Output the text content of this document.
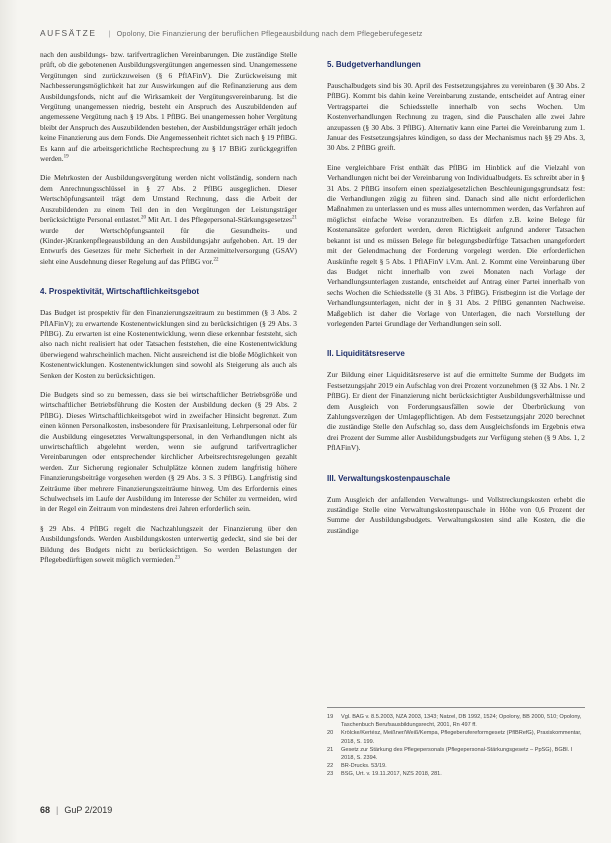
AUFSÄTZE | Opolony, Die Finanzierung der beruflichen Pflegeausbildung nach dem Pflegeberufegesetz

nach den ausbildungs- bzw. tarifvertraglichen Vereinbarungen. Die zuständige Stelle prüft, ob die gebotenenen Ausbildungsvergütungen angemessen sind. Unangemessene Vergütungen sind zurückzuweisen (§ 6 PflAFinV). Die Zurückweisung mit Nachbesserungsmöglichkeit hat zur Auswirkungen auf die Refinanzierung aus dem Ausbildungsfonds, nicht auf die Wirksamkeit der Vergütungsvereinbarung. Ist die Vergütung unangemessen niedrig, besteht ein Anspruch des Auszubildenden auf angemessene Vergütung nach § 19 Abs. 1 PflBG. Bei unangemessen hoher Vergütung bleibt der Anspruch des Auszubildenden bestehen, der Ausbildungsträger erhält jedoch keine Finanzierung aus dem Fonds. Die Angemessenheit richtet sich nach § 19 PflBG. Es kann auf die arbeitsgerichtliche Rechtsprechung zu § 17 BBiG zurückgegriffen werden.$^{19}$

Die Mehrkosten der Ausbildungsvergütung werden nicht vollständig, sondern nach dem Anrechnungsschlüssel in § 27 Abs. 2 PflBG ausgeglichen. Dieser Wertschöpfungsanteil trägt dem Umstand Rechnung, dass die Arbeit der Auszubildenden zu einem Teil den in den Vergütungen der Leistungsträger berücksichtigte Personal entlastet.$^{20}$ Mit Art. 1 des Pflegepersonal-Stärkungsgesetzes$^{21}$ wurde der Wertschöpfungsanteil für die Gesundheits- und (Kinder-)Krankenpflegeausbildung an den Ausbildungsjahr aufgehoben. Art. 19 der Entwurfs des Gesetzes für mehr Sicherheit in der Arzneimittelversorgung (GSAV) sieht eine Ausdehnung dieser Regelung auf das PflBG vor.$^{22}$

4. Prospektivität, Wirtschaftlichkeitsgebot

Das Budget ist prospektiv für den Finanzierungszeitraum zu bestimmen (§ 3 Abs. 2 PflAFinV); zu erwartende Kostenentwicklungen sind zu berücksichtigen (§ 29 Abs. 3 PflBG). Zu erwarten ist eine Kostenentwicklung, wenn diese erkennbar feststeht, sich also nach nicht realisiert hat oder Tatsachen feststehen, die eine Kostenentwicklung überwiegend wahrscheinlich machen. Nicht ausreichend ist die bloße Möglichkeit von Kostenentwicklungen. Kostenentwicklungen sind sowohl als Steigerung als auch als Senken der Kosten zu berücksichtigen.

Die Budgets sind so zu bemessen, dass sie bei wirtschaftlicher Betriebsgröße und wirtschaftlicher Betriebsführung die Kosten der Ausbildung decken (§ 29 Abs. 2 PflBG). Dieses Wirtschaftlichkeitsgebot wird in zweifacher Hinsicht begrenzt. Zum einen können Personalkosten, insbesondere für Praxisanleitung, Lehrpersonal oder für die Ausbildung eingesetztes Verwaltungspersonal, in den Verhandlungen nicht als unwirtschaftlich abgelehnt werden, wenn sie aufgrund tarifvertraglicher Vereinbarungen oder entsprechender kirchlicher Arbeitsrechtsregelungen gezahlt werden. Zur Sicherung regionaler Schulplätze können zudem langfristig höhere Finanzierungsbeiträge vorgesehen werden (§ 29 Abs. 3 S. 3 PflBG). Langfristig sind Zeiträume über mehrere Finanzierungszeiträume hinweg. Um des Erfordernis eines Schulwechsels im Laufe der Ausbildung im Interesse der Schüler zu vermeiden, wird in der Regel ein Zeitraum von mindestens drei Jahren erforderlich sein.

§ 29 Abs. 4 PflBG regelt die Nachzahlungszeit der Finanzierung über den Ausbildungsfonds. Werden Ausbildungskosten unterwertig gedeckt, sind sie bei der Bildung des Budgets nicht zu berücksichtigen. So werden Belastungen der Pflegebedürftigen soweit möglich vermieden.$^{23}$

5. Budgetverhandlungen

Pauschalbudgets sind bis 30. April des Festsetzungsjahres zu vereinbaren (§ 30 Abs. 2 PflBG). Kommt bis dahin keine Vereinbarung zustande, entscheidet auf Antrag einer Vertragspartei die Schiedsstelle innerhalb von sechs Wochen. Um Kostenverhandlungen Rechnung zu tragen, sind die Pauschalen alle zwei Jahre anzupassen (§ 30 Abs. 3 PflBG). Alternativ kann eine Partei die Vereinbarung zum 1. Januar des Festsetzungsjahres kündigen, so dass der Mechanismus nach §§ 29 Abs. 3, 30 Abs. 2 PflBG greift.

Eine vergleichbare Frist enthält das PflBG im Hinblick auf die Vielzahl von Verhandlungen nicht bei der Vereinbarung von Individualbudgets. Es schreibt aber in § 31 Abs. 2 PflBG insofern einen spezialgesetzlichen Beschleunigungsgrundsatz fest: die Verhandlungen zügig zu führen sind. Danach sind alle nicht erforderlichen Maßnahmen zu unterlassen und es muss alles unternommen werden, das Verfahren auf möglichst einfache Weise voranzutreiben. Es dürfen z.B. keine Belege für Kostenansätze gefordert werden, deren Richtigkeit aufgrund anderer Tatsachen bekannt ist und es müssen Belege für belegungsbedürftige Tatsachen unangefordert mit der Gelendmachung der Forderung vorgelegt werden. Die erforderlichen Auskünfte regelt § 5 Abs. 1 PflAFinV i.V.m. Anl. 2. Kommt eine Vereinbarung über das Budget nicht innerhalb von zwei Monaten nach Vorlage der Verhandlungsunterlagen zustande, entscheidet auf Antrag einer Partei innerhalb von sechs Wochen die Schiedsstelle (§ 31 Abs. 3 PflBG). Fristbeginn ist die Vorlage der Verhandlungsunterlagen, nicht der in § 31 Abs. 2 PflBG genannten Nachweise. Maßgeblich ist daher die Vorlage von Unterlagen, die nach Vorstellung der vorlegenden Partei Grundlage der Verhandlungen sein soll.

II. Liquiditätsreserve

Zur Bildung einer Liquiditätsreserve ist auf die ermittelte Summe der Budgets im Festsetzungsjahr 2019 ein Aufschlag von drei Prozent vorzunehmen (§ 32 Abs. 1 Nr. 2 PflBG). Er dient der Finanzierung nicht berücksichtigter Ausbildungsverhältnisse und dem Ausgleich von Forderungsausfällen sowie der Überbrückung von Zahlungsverzügen der Umlagepflichtigen. Ab dem Festsetzungsjahr 2020 berechnet die zuständige Stelle den Aufschlag so, dass dem Ausgleichsfonds im Ergebnis etwa drei Prozent der Summe aller Ausbildungsbudgets zur Verfügung stehen (§ 9 Abs. 1, 2 PflAFinV).

III. Verwaltungskostenpauschale

Zum Ausgleich der anfallenden Verwaltungs- und Vollstreckungskosten erhebt die zuständige Stelle eine Verwaltungskostenpauschale in Höhe von 0,6 Prozent der Summe der Ausbildungsbudgets. Verwaltungskosten sind alle Kosten, die die zuständige

19	Vgl. BAG v. 8.5.2003, NZA 2003, 1343; Natzel, DB 1992, 1524; Opolony, BB 2000, 510; Opolony, Taschenbuch Berufsausbildungsrecht, 2001, Rn 497 ff.
20	Krölcke/Kertész, Meißner/Weiß/Kempa, Pflegeberufereformgesetz (PflBRefG), Praxiskommentar, 2018, S. 199.
21	Gesetz zur Stärkung des Pflegepersonals (Pflegepersonal-Stärkungsgesetz – PpSG), BGBl. I 2018, S. 2394.
22	BR-Drucks. 53/19.
23	BSG, Urt. v. 19.11.2017, NZS 2018, 281.
68 | GuP 2/2019
